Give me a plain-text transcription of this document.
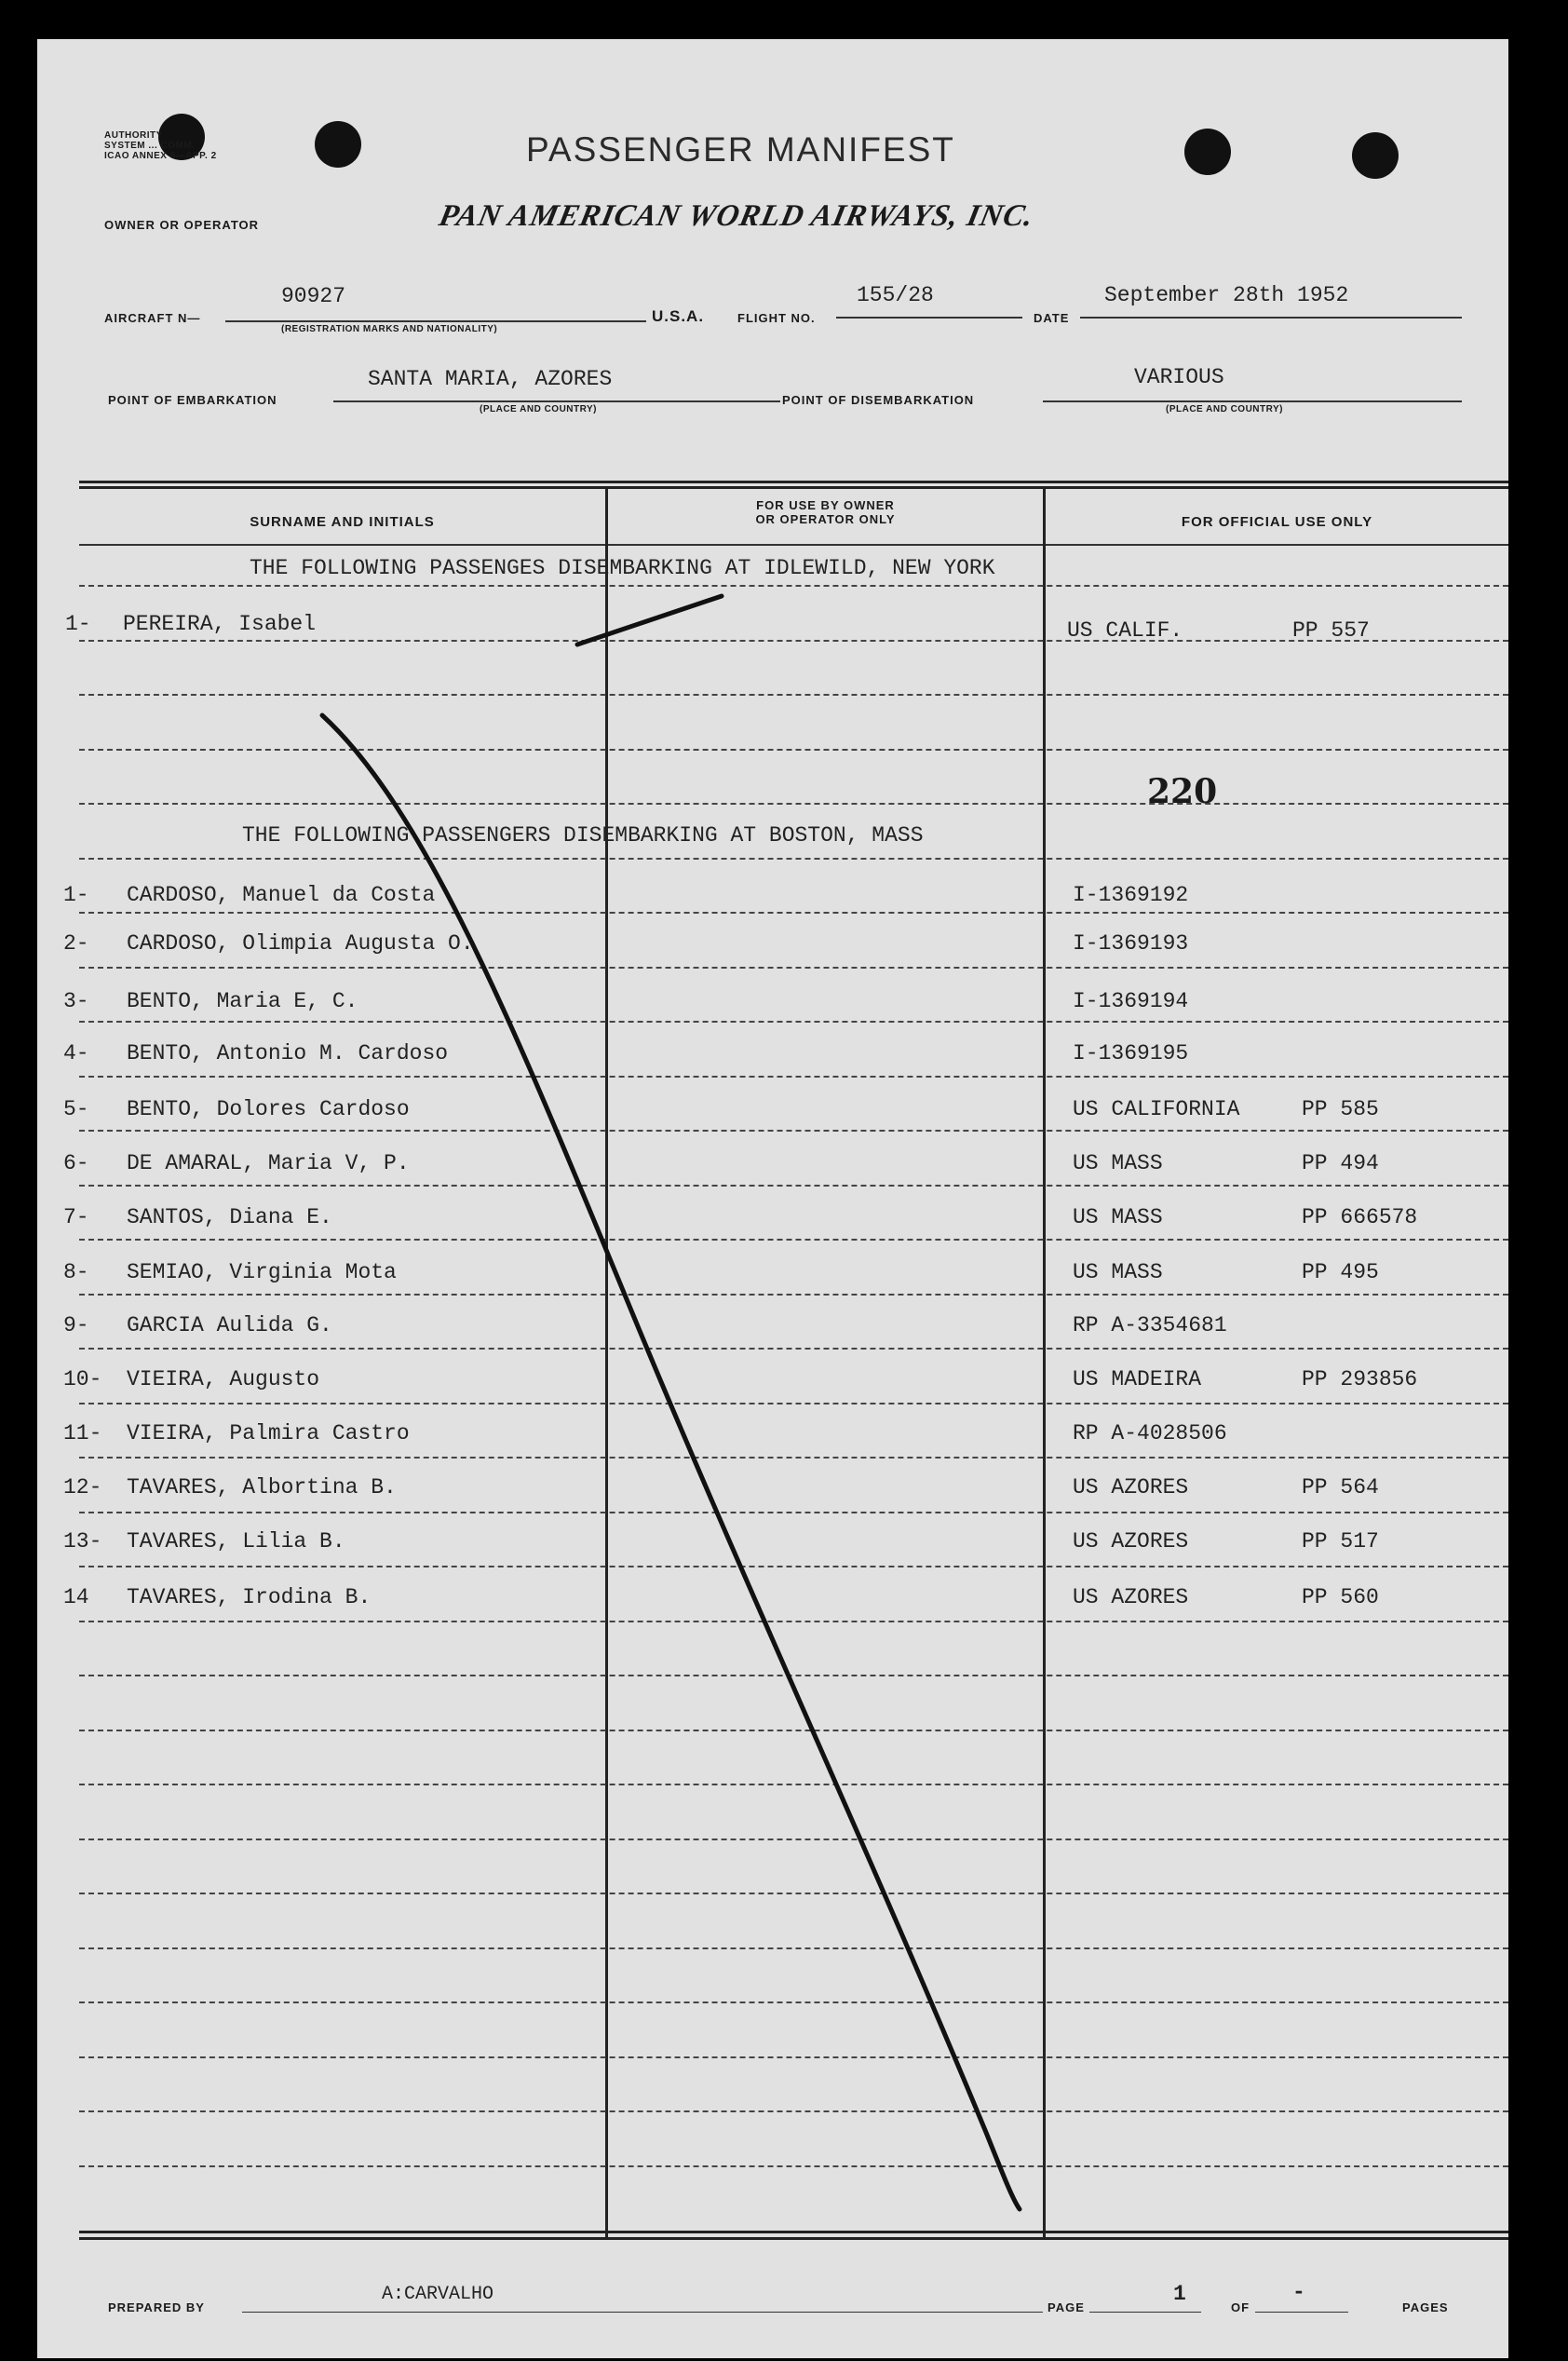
AUTHORITY
SYSTEM ... COMM.
ICAO ANNEX 9—APP. 2	PASSENGER MANIFEST
OWNER OR OPERATOR	PAN AMERICAN WORLD AIRWAYS, INC.
AIRCRAFT N—
90927
(REGISTRATION MARKS AND NATIONALITY)
U.S.A.	FLIGHT NO.
155/28
DATE
September 28th 1952
POINT OF EMBARKATION
SANTA MARIA, AZORES
(PLACE AND COUNTRY)
POINT OF DISEMBARKATION
VARIOUS
(PLACE AND COUNTRY)
SURNAME AND INITIALS
FOR USE BY OWNER
OR OPERATOR ONLY	FOR OFFICIAL USE ONLY
THE FOLLOWING PASSENGES DISEMBARKING AT IDLEWILD, NEW YORK
1- PEREIRA, Isabel	US CALIF.	PP 557
220
THE FOLLOWING PASSENGERS DISEMBARKING AT BOSTON, MASS
1- CARDOSO, Manuel da Costa	I-1369192
2- CARDOSO, Olimpia Augusta O.	I-1369193
3- BENTO, Maria E, C.	I-1369194
4- BENTO, Antonio M. Cardoso	I-1369195
5- BENTO, Dolores Cardoso	US CALIFORNIA	PP 585
6- DE AMARAL, Maria V, P.	US MASS	PP 494
7- SANTOS, Diana E.	US MASS	PP 666578
8- SEMIAO, Virginia Mota	US MASS	PP 495
9- GARCIA Aulida G.	RP A-3354681
10- VIEIRA, Augusto	US MADEIRA	PP 293856
11- VIEIRA, Palmira Castro	RP A-4028506
12- TAVARES, Albortina B.	US AZORES	PP 564
13- TAVARES, Lilia B.	US AZORES	PP 517
14 TAVARES, Irodina B.	US AZORES	PP 560
PREPARED BY
A:CARVALHO
PAGE
1
OF
-
PAGES
